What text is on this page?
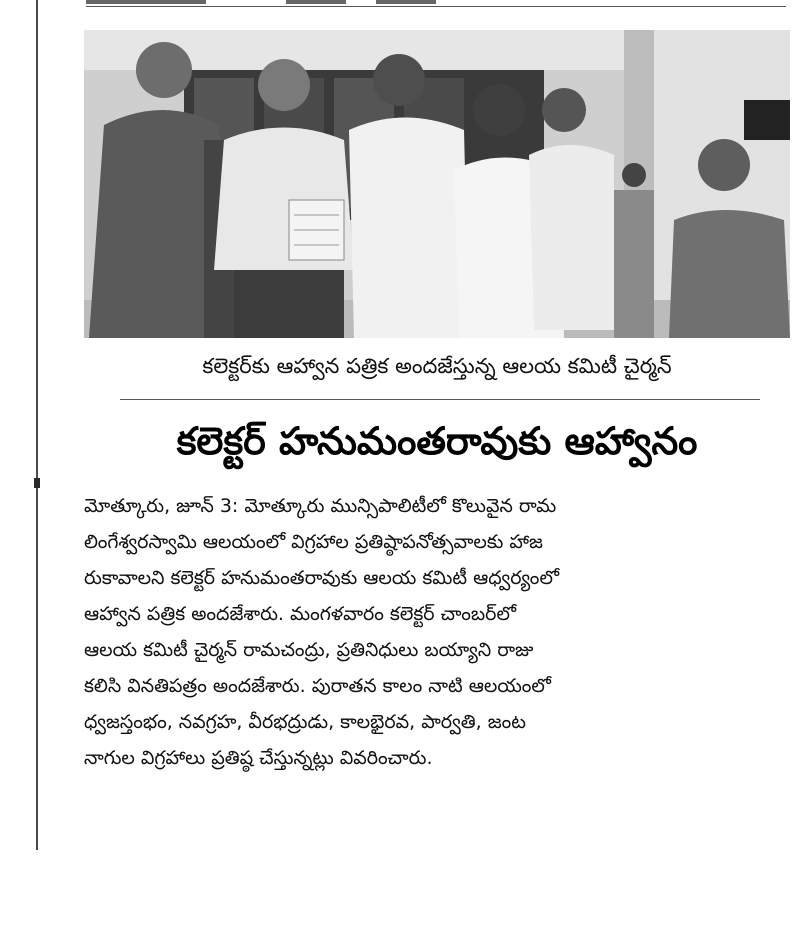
కలెక్టర్‌కు ఆహ్వాన పత్రిక అందజేస్తున్న ఆలయ కమిటీ చైర్మన్
కలెక్టర్ హనుమంతరావుకు ఆహ్వానం
మోత్కూరు, జూన్ 3: మోత్కూరు మున్సిపాలిటీలో కొలువైన రామ
లింగేశ్వరస్వామి ఆలయంలో విగ్రహాల ప్రతిష్ఠాపనోత్సవాలకు హాజ
రుకావాలని కలెక్టర్ హనుమంతరావుకు ఆలయ కమిటీ ఆధ్వర్యంలో
ఆహ్వాన పత్రిక అందజేశారు. మంగళవారం కలెక్టర్ చాంబర్‌లో
ఆలయ కమిటీ చైర్మన్ రామచంద్రు, ప్రతినిధులు బయ్యాని రాజు
కలిసి వినతిపత్రం అందజేశారు. పురాతన కాలం నాటి ఆలయంలో
ధ్వజస్తంభం, నవగ్రహ, వీరభద్రుడు, కాలభైరవ, పార్వతి, జంట
నాగుల విగ్రహాలు ప్రతిష్ఠ చేస్తున్నట్లు వివరించారు.
